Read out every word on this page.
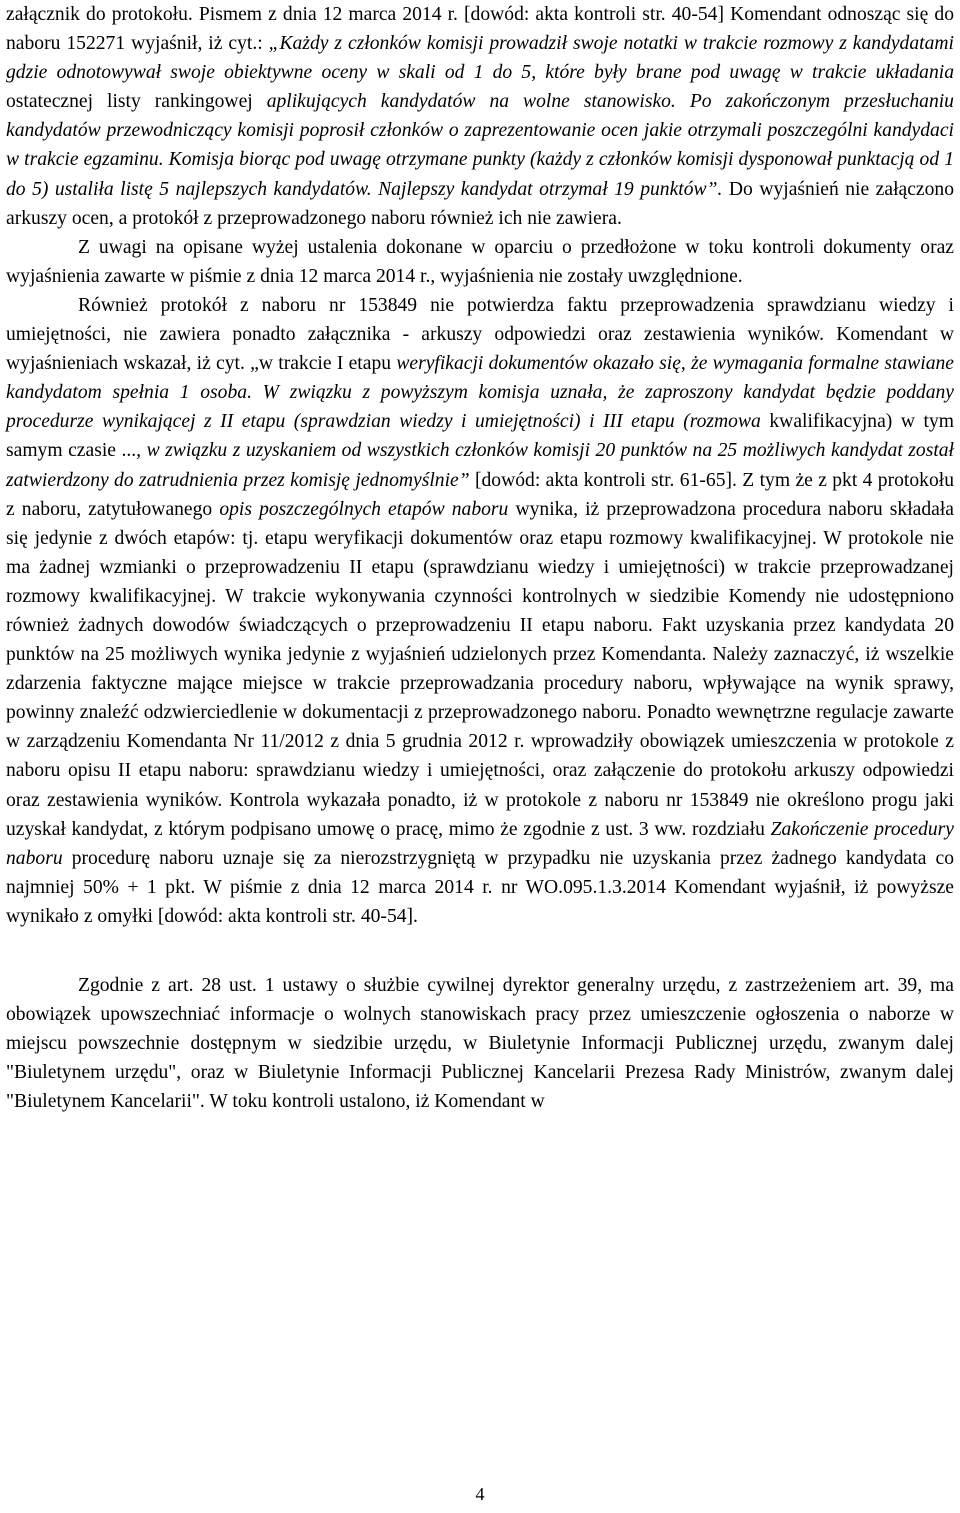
załącznik do protokołu. Pismem z dnia 12 marca 2014 r. [dowód: akta kontroli str. 40-54] Komendant odnosząc się do naboru 152271 wyjaśnił, iż cyt.: „Każdy z członków komisji prowadził swoje notatki w trakcie rozmowy z kandydatami gdzie odnotowywał swoje obiektywne oceny w skali od 1 do 5, które były brane pod uwagę w trakcie układania ostatecznej listy rankingowej aplikujących kandydatów na wolne stanowisko. Po zakończonym przesłuchaniu kandydatów przewodniczący komisji poprosił członków o zaprezentowanie ocen jakie otrzymali poszczególni kandydaci w trakcie egzaminu. Komisja biorąc pod uwagę otrzymane punkty (każdy z członków komisji dysponował punktacją od 1 do 5) ustaliła listę 5 najlepszych kandydatów. Najlepszy kandydat otrzymał 19 punktów”. Do wyjaśnień nie załączono arkuszy ocen, a protokół z przeprowadzonego naboru również ich nie zawiera.

Z uwagi na opisane wyżej ustalenia dokonane w oparciu o przedłożone w toku kontroli dokumenty oraz wyjaśnienia zawarte w piśmie z dnia 12 marca 2014 r., wyjaśnienia nie zostały uwzględnione.

Również protokół z naboru nr 153849 nie potwierdza faktu przeprowadzenia sprawdzianu wiedzy i umiejętności, nie zawiera ponadto załącznika - arkuszy odpowiedzi oraz zestawienia wyników. Komendant w wyjaśnieniach wskazał, iż cyt. „w trakcie I etapu weryfikacji dokumentów okazało się, że wymagania formalne stawiane kandydatom spełnia 1 osoba. W związku z powyższym komisja uznała, że zaproszony kandydat będzie poddany procedurze wynikającej z II etapu (sprawdzian wiedzy i umiejętności) i III etapu (rozmowa kwalifikacyjna) w tym samym czasie ..., w związku z uzyskaniem od wszystkich członków komisji 20 punktów na 25 możliwych kandydat został zatwierdzony do zatrudnienia przez komisję jednomyślnie” [dowód: akta kontroli str. 61-65]. Z tym że z pkt 4 protokołu z naboru, zatytułowanego opis poszczególnych etapów naboru wynika, iż przeprowadzona procedura naboru składała się jedynie z dwóch etapów: tj. etapu weryfikacji dokumentów oraz etapu rozmowy kwalifikacyjnej. W protokole nie ma żadnej wzmianki o przeprowadzeniu II etapu (sprawdzianu wiedzy i umiejętności) w trakcie przeprowadzanej rozmowy kwalifikacyjnej. W trakcie wykonywania czynności kontrolnych w siedzibie Komendy nie udostępniono również żadnych dowodów świadczących o przeprowadzeniu II etapu naboru. Fakt uzyskania przez kandydata 20 punktów na 25 możliwych wynika jedynie z wyjaśnień udzielonych przez Komendanta. Należy zaznaczyć, iż wszelkie zdarzenia faktyczne mające miejsce w trakcie przeprowadzania procedury naboru, wpływające na wynik sprawy, powinny znaleźć odzwierciedlenie w dokumentacji z przeprowadzonego naboru. Ponadto wewnętrzne regulacje zawarte w zarządzeniu Komendanta Nr 11/2012 z dnia 5 grudnia 2012 r. wprowadziły obowiązek umieszczenia w protokole z naboru opisu II etapu naboru: sprawdzianu wiedzy i umiejętności, oraz załączenie do protokołu arkuszy odpowiedzi oraz zestawienia wyników. Kontrola wykazała ponadto, iż w protokole z naboru nr 153849 nie określono progu jaki uzyskał kandydat, z którym podpisano umowę o pracę, mimo że zgodnie z ust. 3 ww. rozdziału Zakończenie procedury naboru procedurę naboru uznaje się za nierozstrzygniętą w przypadku nie uzyskania przez żadnego kandydata co najmniej 50% + 1 pkt. W piśmie z dnia 12 marca 2014 r. nr WO.095.1.3.2014 Komendant wyjaśnił, iż powyższe wynikało z omyłki [dowód: akta kontroli str. 40-54].

Zgodnie z art. 28 ust. 1 ustawy o służbie cywilnej dyrektor generalny urzędu, z zastrzeżeniem art. 39, ma obowiązek upowszechniać informacje o wolnych stanowiskach pracy przez umieszczenie ogłoszenia o naborze w miejscu powszechnie dostępnym w siedzibie urzędu, w Biuletynie Informacji Publicznej urzędu, zwanym dalej "Biuletynem urzędu", oraz w Biuletynie Informacji Publicznej Kancelarii Prezesa Rady Ministrów, zwanym dalej "Biuletynem Kancelarii". W toku kontroli ustalono, iż Komendant w

4
